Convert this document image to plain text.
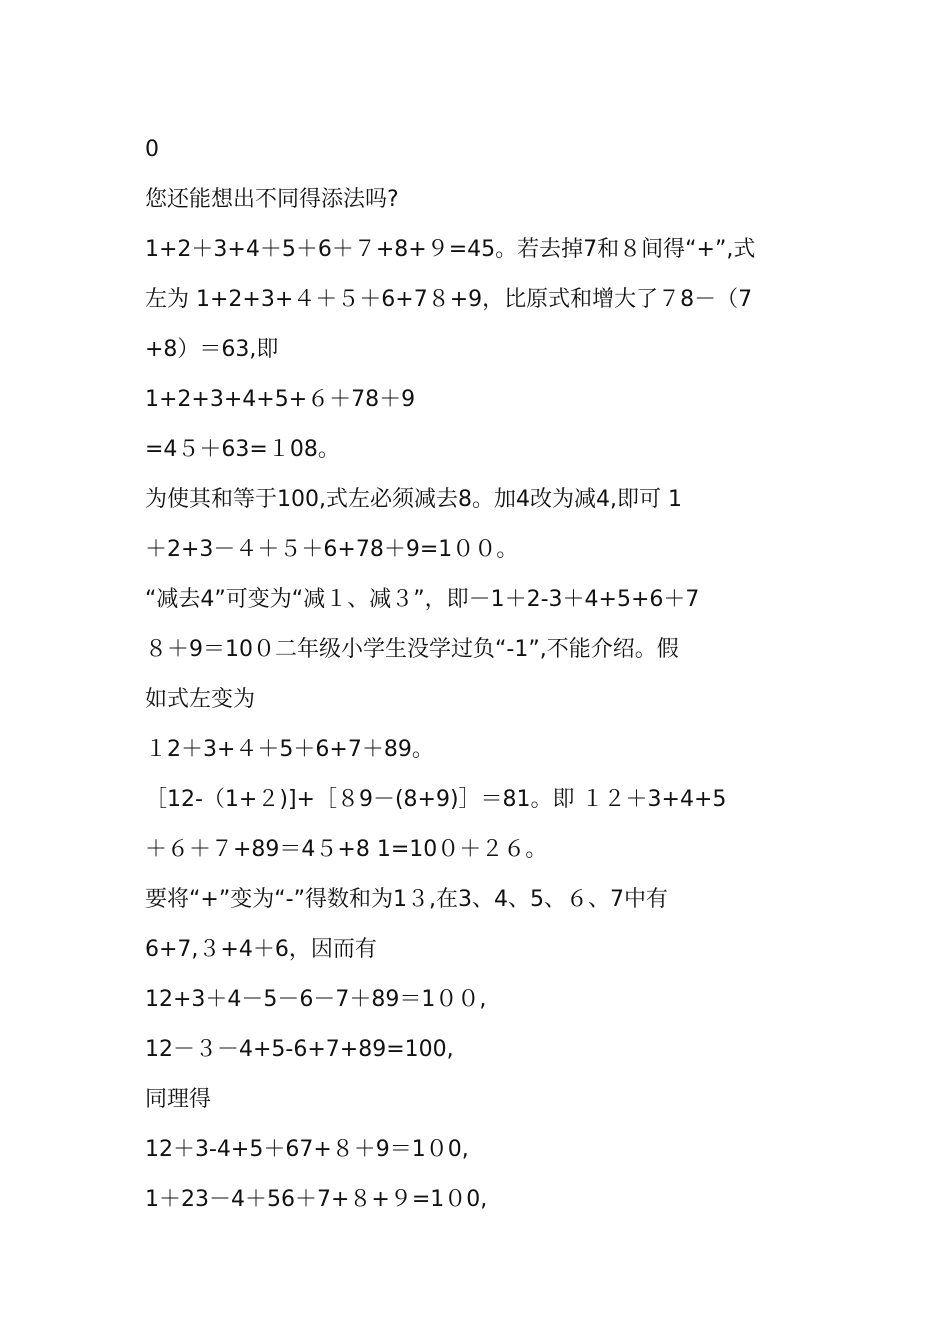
0
您还能想出不同得添法吗?
1+2＋3+4＋5＋6＋７+8+９=45。若去掉7和８间得“+”,式
左为 1+2+3+４＋５＋6+7８+9，比原式和增大了７8－（7
+8）＝63,即
1+2+3+4+5+６＋78＋9
=4５＋63=１08。
为使其和等于100,式左必须减去8。加4改为减4,即可 1
＋2+3－４＋５＋6+78＋9=1００。
“减去4”可变为“减１、减３”，即－1＋2-3＋4+5+6＋7
８＋9＝10０二年级小学生没学过负“-1”,不能介绍。假
如式左变为
１2＋3+４＋5＋6+7＋89。
［12-（1+２)]+［８9－(8+9)］＝81。即 １２＋3+4+5
＋６＋７+89＝4５+8 1=10０＋２６。
要将“+”变为“-”得数和为1３,在3、4、5、６、7中有
6+7,３+4＋6，因而有
12+3＋4－5－6－7＋89＝1００,
12－３－4+5-6+7+89=100,
同理得
12＋3-4+5＋67+８＋9＝1０0,
1＋23－4＋56＋7+８+９=1０0,
